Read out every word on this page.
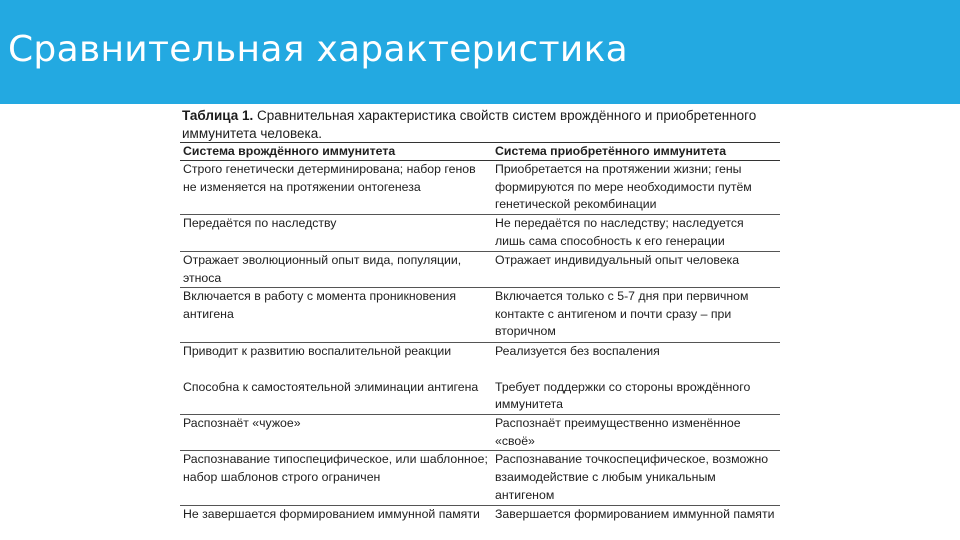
Сравнительная характеристика
Таблица 1. Сравнительная характеристика свойств систем врождённого и приобретенного иммунитета человека.
Система врождённого иммунитета	Система приобретённого иммунитета
Строго генетически детерминирована; набор генов не изменяется на протяжении онтогенеза	Приобретается на протяжении жизни; гены формируются по мере необходимости путём генетической рекомбинации
Передаётся по наследству	Не передаётся по наследству; наследуется лишь сама способность к его генерации
Отражает эволюционный опыт вида, популяции, этноса	Отражает индивидуальный опыт человека
Включается в работу с момента проникновения антигена	Включается только с 5-7 дня при первичном контакте с антигеном и почти сразу – при вторичном
Приводит к развитию воспалительной реакции	Реализуется без воспаления
Способна к самостоятельной элиминации антигена	Требует поддержки со стороны врождённого иммунитета
Распознаёт «чужое»	Распознаёт преимущественно изменённое «своё»
Распознавание типоспецифическое, или шаблонное; набор шаблонов строго ограничен	Распознавание точкоспецифическое, возможно взаимодействие с любым уникальным антигеном
Не завершается формированием иммунной памяти	Завершается формированием иммунной памяти
